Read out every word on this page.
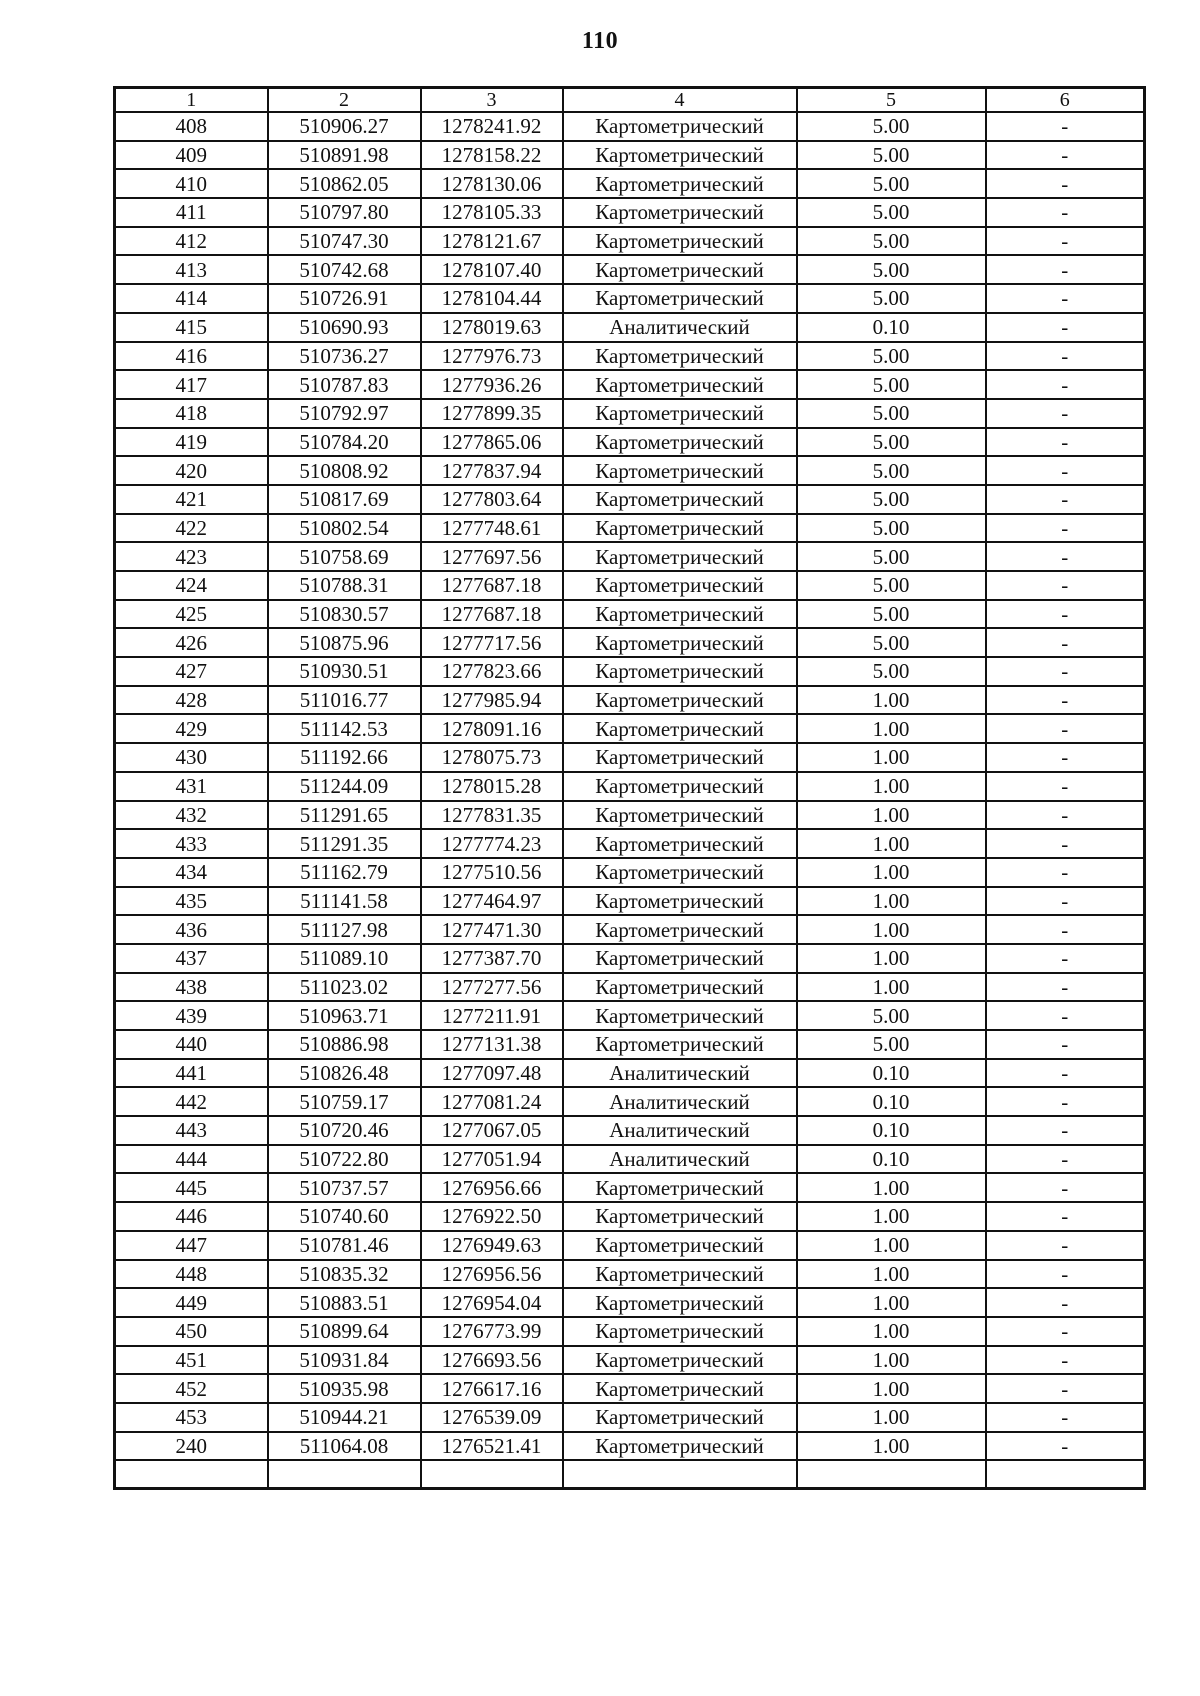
110
1	2	3	4	5	6
408	510906.27	1278241.92	Картометрический	5.00	-
409	510891.98	1278158.22	Картометрический	5.00	-
410	510862.05	1278130.06	Картометрический	5.00	-
411	510797.80	1278105.33	Картометрический	5.00	-
412	510747.30	1278121.67	Картометрический	5.00	-
413	510742.68	1278107.40	Картометрический	5.00	-
414	510726.91	1278104.44	Картометрический	5.00	-
415	510690.93	1278019.63	Аналитический	0.10	-
416	510736.27	1277976.73	Картометрический	5.00	-
417	510787.83	1277936.26	Картометрический	5.00	-
418	510792.97	1277899.35	Картометрический	5.00	-
419	510784.20	1277865.06	Картометрический	5.00	-
420	510808.92	1277837.94	Картометрический	5.00	-
421	510817.69	1277803.64	Картометрический	5.00	-
422	510802.54	1277748.61	Картометрический	5.00	-
423	510758.69	1277697.56	Картометрический	5.00	-
424	510788.31	1277687.18	Картометрический	5.00	-
425	510830.57	1277687.18	Картометрический	5.00	-
426	510875.96	1277717.56	Картометрический	5.00	-
427	510930.51	1277823.66	Картометрический	5.00	-
428	511016.77	1277985.94	Картометрический	1.00	-
429	511142.53	1278091.16	Картометрический	1.00	-
430	511192.66	1278075.73	Картометрический	1.00	-
431	511244.09	1278015.28	Картометрический	1.00	-
432	511291.65	1277831.35	Картометрический	1.00	-
433	511291.35	1277774.23	Картометрический	1.00	-
434	511162.79	1277510.56	Картометрический	1.00	-
435	511141.58	1277464.97	Картометрический	1.00	-
436	511127.98	1277471.30	Картометрический	1.00	-
437	511089.10	1277387.70	Картометрический	1.00	-
438	511023.02	1277277.56	Картометрический	1.00	-
439	510963.71	1277211.91	Картометрический	5.00	-
440	510886.98	1277131.38	Картометрический	5.00	-
441	510826.48	1277097.48	Аналитический	0.10	-
442	510759.17	1277081.24	Аналитический	0.10	-
443	510720.46	1277067.05	Аналитический	0.10	-
444	510722.80	1277051.94	Аналитический	0.10	-
445	510737.57	1276956.66	Картометрический	1.00	-
446	510740.60	1276922.50	Картометрический	1.00	-
447	510781.46	1276949.63	Картометрический	1.00	-
448	510835.32	1276956.56	Картометрический	1.00	-
449	510883.51	1276954.04	Картометрический	1.00	-
450	510899.64	1276773.99	Картометрический	1.00	-
451	510931.84	1276693.56	Картометрический	1.00	-
452	510935.98	1276617.16	Картометрический	1.00	-
453	510944.21	1276539.09	Картометрический	1.00	-
240	511064.08	1276521.41	Картометрический	1.00	-
